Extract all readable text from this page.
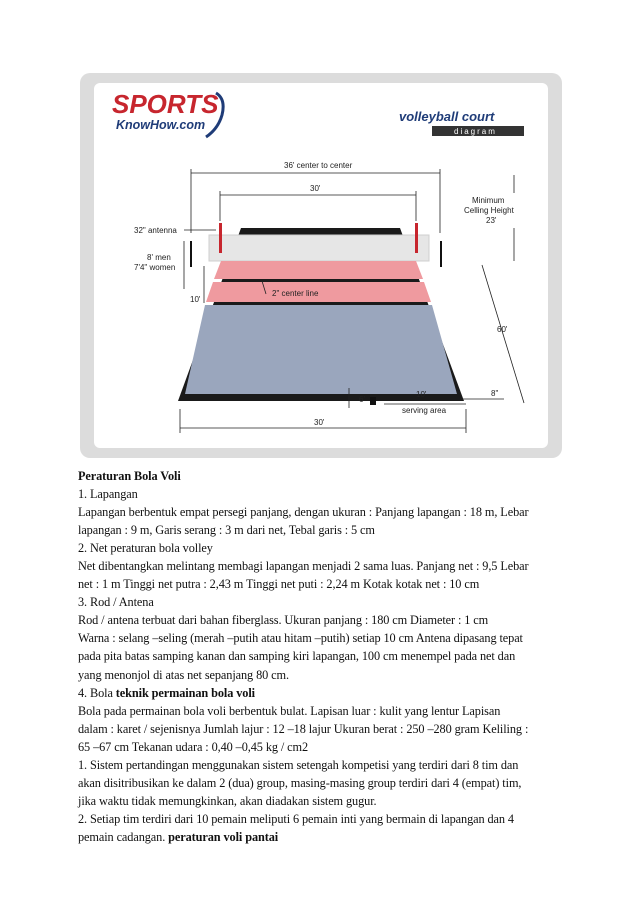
SPORTS
KnowHow.com
volleyball court
diagram
36' center to center
30'
32" antenna
8' men
7'4" women
10'
2" center line
Minimum
Celling Height
23'
60'
6'
8"
10'
serving area
30'

Peraturan Bola Voli

1. Lapangan

Lapangan berbentuk empat persegi panjang, dengan ukuran : Panjang lapangan : 18 m, Lebar

lapangan : 9 m, Garis serang : 3 m dari net, Tebal garis : 5 cm

2. Net peraturan bola volley

Net dibentangkan melintang membagi lapangan menjadi 2 sama luas. Panjang net : 9,5 Lebar

net : 1 m Tinggi net putra : 2,43 m Tinggi net puti : 2,24 m Kotak kotak net : 10 cm

3. Rod / Antena

Rod / antena terbuat dari bahan fiberglass. Ukuran panjang : 180 cm Diameter : 1 cm

Warna : selang –seling (merah –putih atau hitam –putih) setiap 10 cm Antena dipasang tepat

pada pita batas samping kanan dan samping kiri lapangan, 100 cm menempel pada net dan

yang menonjol di atas net sepanjang 80 cm.

4. Bola teknik permainan bola voli

Bola pada permainan bola voli berbentuk bulat. Lapisan luar : kulit yang lentur Lapisan

dalam : karet / sejenisnya Jumlah lajur : 12 –18 lajur Ukuran berat : 250 –280 gram Keliling :

65 –67 cm Tekanan udara : 0,40 –0,45 kg / cm2

1. Sistem pertandingan menggunakan sistem setengah kompetisi yang terdiri dari 8 tim dan

akan disitribusikan ke dalam 2 (dua) group, masing-masing group terdiri dari 4 (empat) tim,

jika waktu tidak memungkinkan, akan diadakan sistem gugur.

2. Setiap tim terdiri dari 10 pemain meliputi 6 pemain inti yang bermain di lapangan dan 4

pemain cadangan. peraturan voli pantai
